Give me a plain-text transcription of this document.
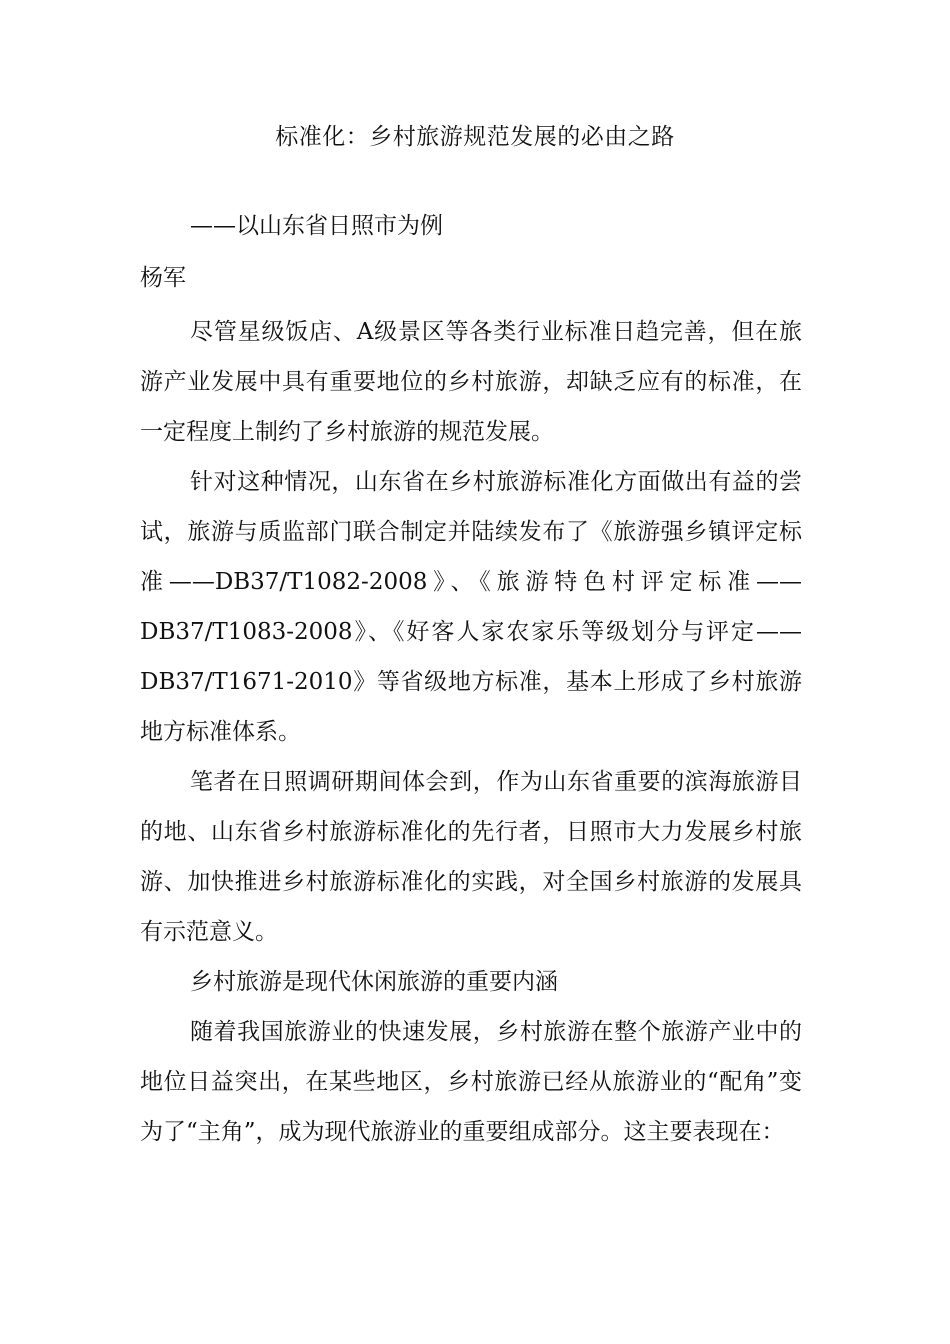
标准化：乡村旅游规范发展的必由之路
——以山东省日照市为例
杨军

尽管星级饭店、A级景区等各类行业标准日趋完善，但在旅游产业发展中具有重要地位的乡村旅游，却缺乏应有的标准，在一定程度上制约了乡村旅游的规范发展。

针对这种情况，山东省在乡村旅游标准化方面做出有益的尝试，旅游与质监部门联合制定并陆续发布了《旅游强乡镇评定标准——DB37/T1082-2008》、《旅游特色村评定标准——DB37/T1083-2008》、《好客人家农家乐等级划分与评定——DB37/T1671-2010》等省级地方标准，基本上形成了乡村旅游地方标准体系。

笔者在日照调研期间体会到，作为山东省重要的滨海旅游目的地、山东省乡村旅游标准化的先行者，日照市大力发展乡村旅游、加快推进乡村旅游标准化的实践，对全国乡村旅游的发展具有示范意义。

乡村旅游是现代休闲旅游的重要内涵

随着我国旅游业的快速发展，乡村旅游在整个旅游产业中的地位日益突出，在某些地区，乡村旅游已经从旅游业的“配角”变为了“主角”，成为现代旅游业的重要组成部分。这主要表现在：
